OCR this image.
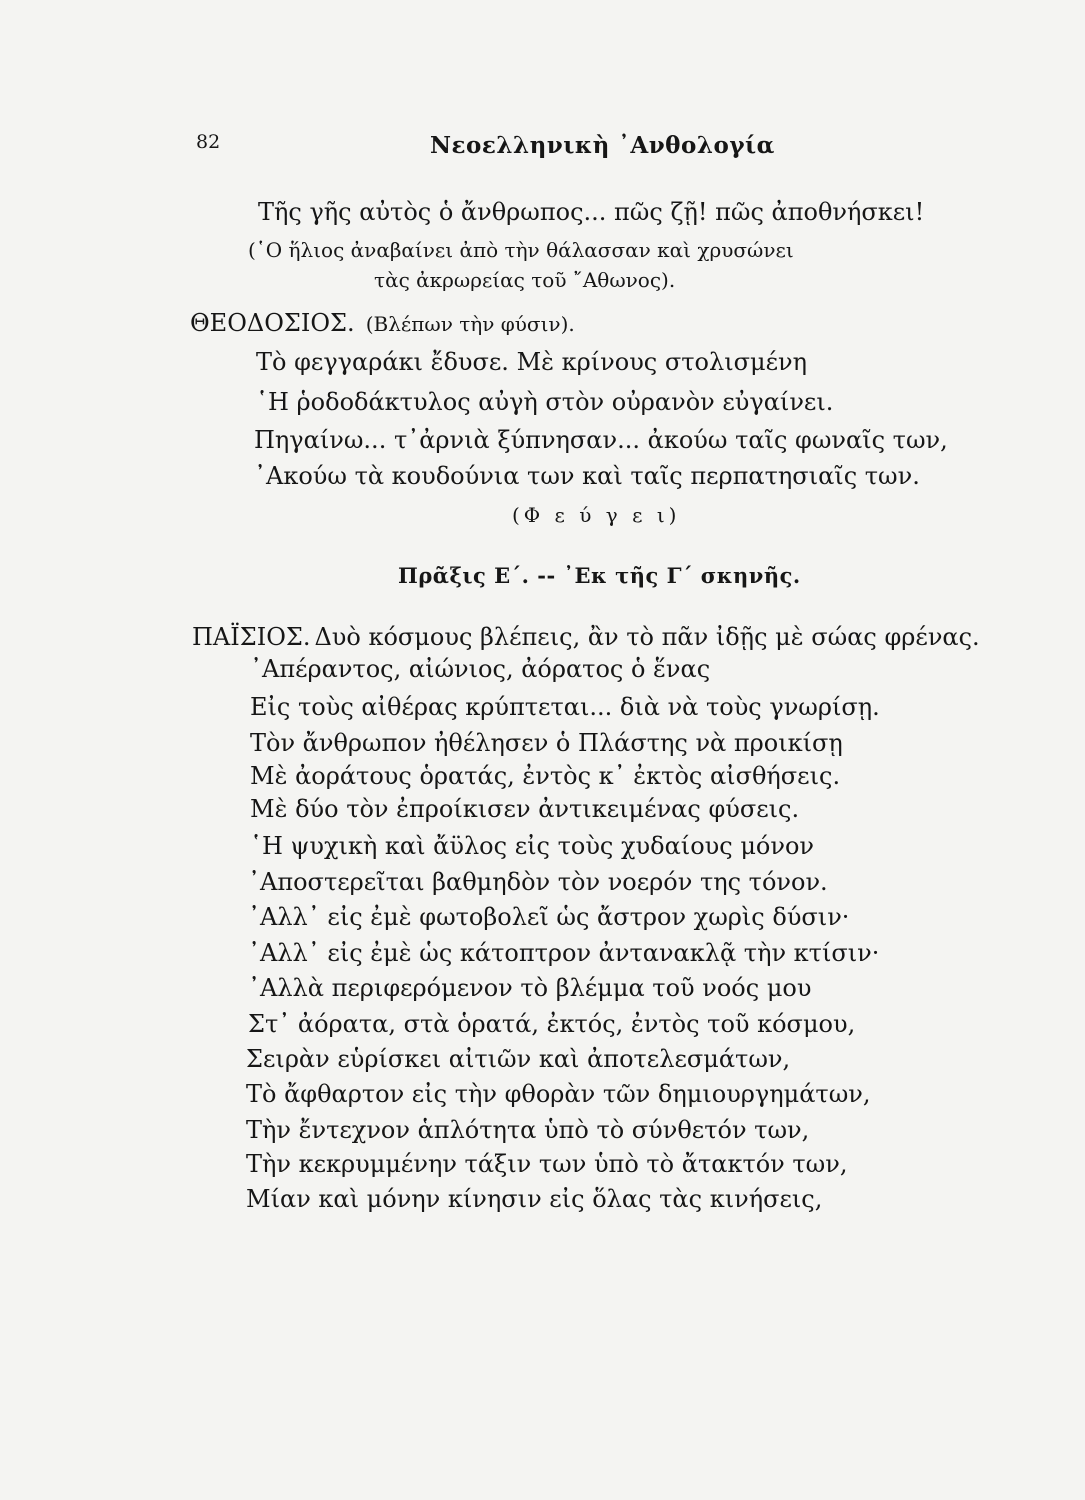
82	Νεοελληνικὴ ᾿Ανθολογία
Τῆς γῆς αὐτὸς ὁ ἄνθρωπος... πῶς ζῇ! πῶς ἀποθνήσκει!
(῾Ο ἥλιος ἀναβαίνει ἀπὸ τὴν θάλασσαν καὶ χρυσώνει
τὰς ἀκρωρείας τοῦ ῎Αθωνος).
ΘΕΟΔΟΣΙΟΣ. (Βλέπων τὴν φύσιν).
Τὸ φεγγαράκι ἔδυσε. Μὲ κρίνους στολισμένη
῾Η ῥοδοδάκτυλος αὐγὴ στὸν οὐρανὸν εὐγαίνει.
Πηγαίνω... τ᾿ἀρνιὰ ξύπνησαν... ἀκούω ταῖς φωναῖς των,
᾿Ακούω τὰ κουδούνια των καὶ ταῖς περπατησιαῖς των.
(Φ ε ύ γ ε ι)
Πρᾶξις Ε΄. -- ᾿Εκ τῆς Γ΄ σκηνῆς.
ΠΑΪΣΙΟΣ. Δυὸ κόσμους βλέπεις, ἂν τὸ πᾶν ἰδῇς μὲ σώας φρένας.
᾿Απέραντος, αἰώνιος, ἀόρατος ὁ ἕνας
Εἰς τοὺς αἰθέρας κρύπτεται... διὰ νὰ τοὺς γνωρίσῃ.
Τὸν ἄνθρωπον ἠθέλησεν ὁ Πλάστης νὰ προικίσῃ
Μὲ ἀοράτους ὁρατάς, ἐντὸς κ᾿ ἐκτὸς αἰσθήσεις.
Μὲ δύο τὸν ἐπροίκισεν ἀντικειμένας φύσεις.
῾Η ψυχικὴ καὶ ἄϋλος εἰς τοὺς χυδαίους μόνον
᾿Αποστερεῖται βαθμηδὸν τὸν νοερόν της τόνον.
᾿Αλλ᾿ εἰς ἐμὲ φωτοβολεῖ ὡς ἄστρον χωρὶς δύσιν·
᾿Αλλ᾿ εἰς ἐμὲ ὡς κάτοπτρον ἀντανακλᾷ τὴν κτίσιν·
᾿Αλλὰ περιφερόμενον τὸ βλέμμα τοῦ νοός μου
Στ᾿ ἀόρατα, στὰ ὁρατά, ἐκτός, ἐντὸς τοῦ κόσμου,
Σειρὰν εὑρίσκει αἰτιῶν καὶ ἀποτελεσμάτων,
Τὸ ἄφθαρτον εἰς τὴν φθορὰν τῶν δημιουργημάτων,
Τὴν ἔντεχνον ἁπλότητα ὑπὸ τὸ σύνθετόν των,
Τὴν κεκρυμμένην τάξιν των ὑπὸ τὸ ἄτακτόν των,
Μίαν καὶ μόνην κίνησιν εἰς ὅλας τὰς κινήσεις,
